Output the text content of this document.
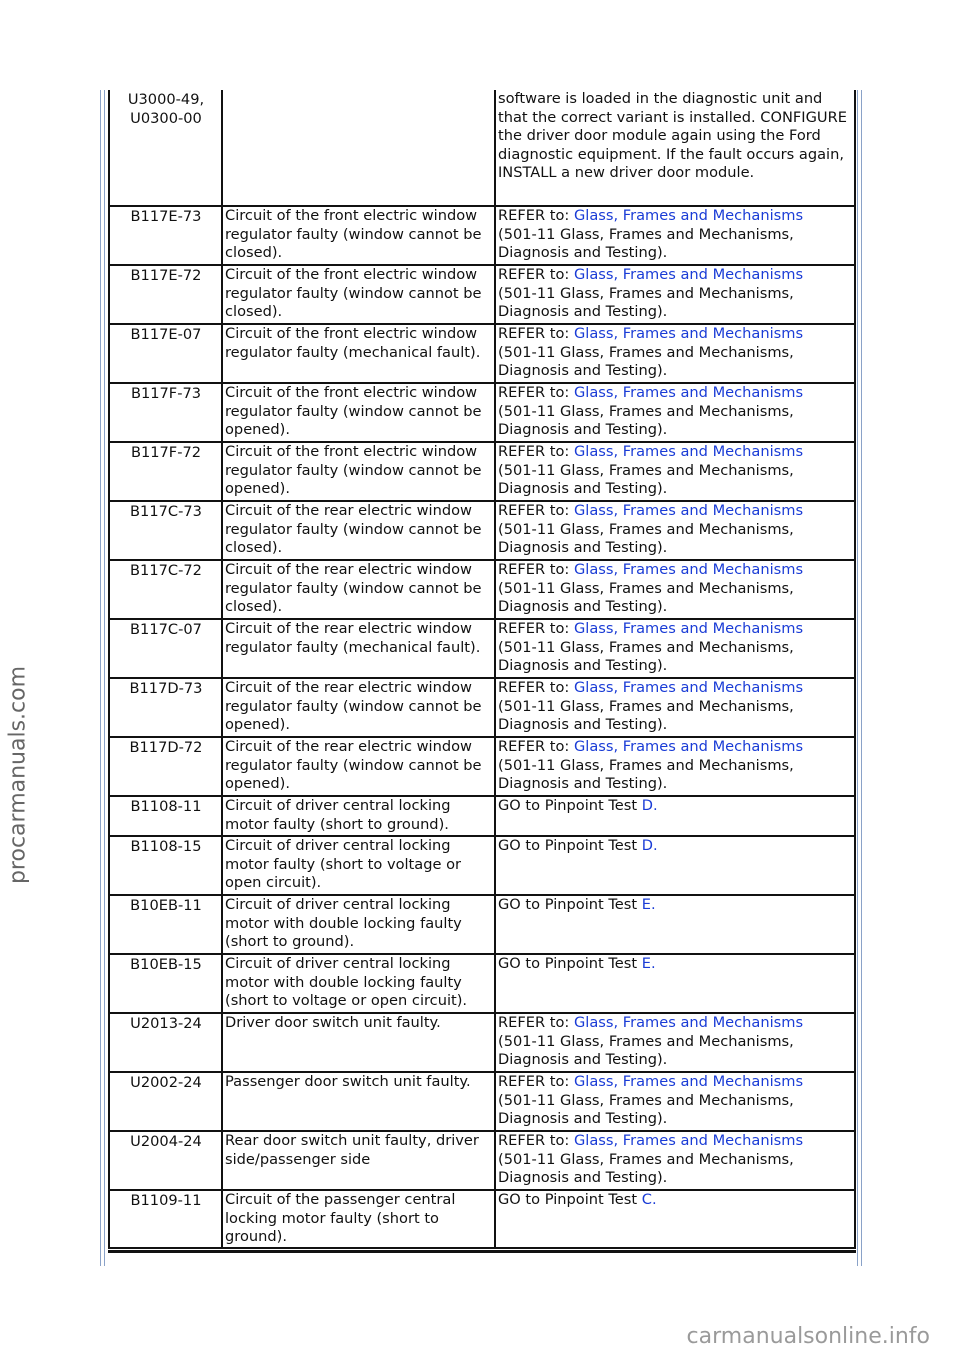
procarmanuals.com
U3000-49, U0300-00		software is loaded in the diagnostic unit and that the correct variant is installed. CONFIGURE the driver door module again using the Ford diagnostic equipment. If the fault occurs again, INSTALL a new driver door module.
B117E-73	Circuit of the front electric window regulator faulty (window cannot be closed).	REFER to: Glass, Frames and Mechanisms
(501-11 Glass, Frames and Mechanisms, Diagnosis and Testing).

B117E-72	Circuit of the front electric window regulator faulty (window cannot be closed).	REFER to: Glass, Frames and Mechanisms
(501-11 Glass, Frames and Mechanisms, Diagnosis and Testing).

B117E-07	Circuit of the front electric window regulator faulty (mechanical fault).	REFER to: Glass, Frames and Mechanisms
(501-11 Glass, Frames and Mechanisms, Diagnosis and Testing).

B117F-73	Circuit of the front electric window regulator faulty (window cannot be opened).	REFER to: Glass, Frames and Mechanisms
(501-11 Glass, Frames and Mechanisms, Diagnosis and Testing).

B117F-72	Circuit of the front electric window regulator faulty (window cannot be opened).	REFER to: Glass, Frames and Mechanisms
(501-11 Glass, Frames and Mechanisms, Diagnosis and Testing).

B117C-73	Circuit of the rear electric window regulator faulty (window cannot be closed).	REFER to: Glass, Frames and Mechanisms
(501-11 Glass, Frames and Mechanisms, Diagnosis and Testing).

B117C-72	Circuit of the rear electric window regulator faulty (window cannot be closed).	REFER to: Glass, Frames and Mechanisms
(501-11 Glass, Frames and Mechanisms, Diagnosis and Testing).

B117C-07	Circuit of the rear electric window regulator faulty (mechanical fault).	REFER to: Glass, Frames and Mechanisms
(501-11 Glass, Frames and Mechanisms, Diagnosis and Testing).

B117D-73	Circuit of the rear electric window regulator faulty (window cannot be opened).	REFER to: Glass, Frames and Mechanisms
(501-11 Glass, Frames and Mechanisms, Diagnosis and Testing).

B117D-72	Circuit of the rear electric window regulator faulty (window cannot be opened).	REFER to: Glass, Frames and Mechanisms
(501-11 Glass, Frames and Mechanisms, Diagnosis and Testing).

B1108-11	Circuit of driver central locking motor faulty (short to ground).	GO to Pinpoint Test D.
B1108-15	Circuit of driver central locking motor faulty (short to voltage or open circuit).	GO to Pinpoint Test D.
B10EB-11	Circuit of driver central locking motor with double locking faulty (short to ground).	GO to Pinpoint Test E.
B10EB-15	Circuit of driver central locking motor with double locking faulty (short to voltage or open circuit).	GO to Pinpoint Test E.
U2013-24	Driver door switch unit faulty.	REFER to: Glass, Frames and Mechanisms
(501-11 Glass, Frames and Mechanisms, Diagnosis and Testing).

U2002-24	Passenger door switch unit faulty.	REFER to: Glass, Frames and Mechanisms
(501-11 Glass, Frames and Mechanisms, Diagnosis and Testing).

U2004-24	Rear door switch unit faulty, driver side/passenger side	REFER to: Glass, Frames and Mechanisms
(501-11 Glass, Frames and Mechanisms, Diagnosis and Testing).

B1109-11	Circuit of the passenger central locking motor faulty (short to ground).	GO to Pinpoint Test C.
carmanualsonline.info
